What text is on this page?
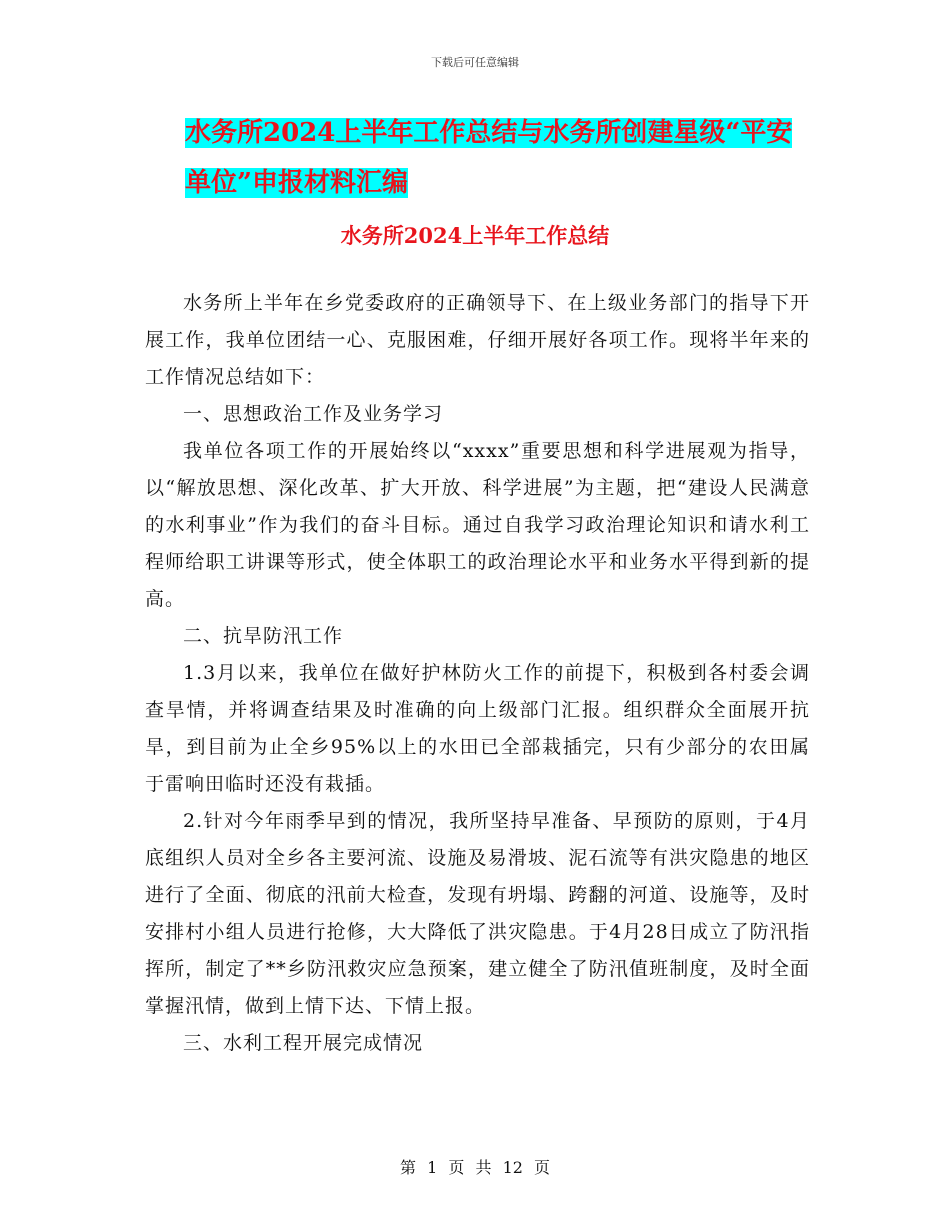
下载后可任意编辑
水务所2024上半年工作总结与水务所创建星级“平安
单位”申报材料汇编
水务所2024上半年工作总结

水务所上半年在乡党委政府的正确领导下、在上级业务部门的指导下开展工作，我单位团结一心、克服困难，仔细开展好各项工作。现将半年来的工作情况总结如下：

一、思想政治工作及业务学习

我单位各项工作的开展始终以“xxxx”重要思想和科学进展观为指导，以“解放思想、深化改革、扩大开放、科学进展”为主题，把“建设人民满意的水利事业”作为我们的奋斗目标。通过自我学习政治理论知识和请水利工程师给职工讲课等形式，使全体职工的政治理论水平和业务水平得到新的提高。

二、抗旱防汛工作

1.3月以来，我单位在做好护林防火工作的前提下，积极到各村委会调查旱情，并将调查结果及时准确的向上级部门汇报。组织群众全面展开抗旱，到目前为止全乡95%以上的水田已全部栽插完，只有少部分的农田属于雷响田临时还没有栽插。

2.针对今年雨季早到的情况，我所坚持早准备、早预防的原则，于4月底组织人员对全乡各主要河流、设施及易滑坡、泥石流等有洪灾隐患的地区进行了全面、彻底的汛前大检查，发现有坍塌、跨翻的河道、设施等，及时安排村小组人员进行抢修，大大降低了洪灾隐患。于4月28日成立了防汛指挥所，制定了**乡防汛救灾应急预案，建立健全了防汛值班制度，及时全面掌握汛情，做到上情下达、下情上报。

三、水利工程开展完成情况

第 1 页 共 12 页
